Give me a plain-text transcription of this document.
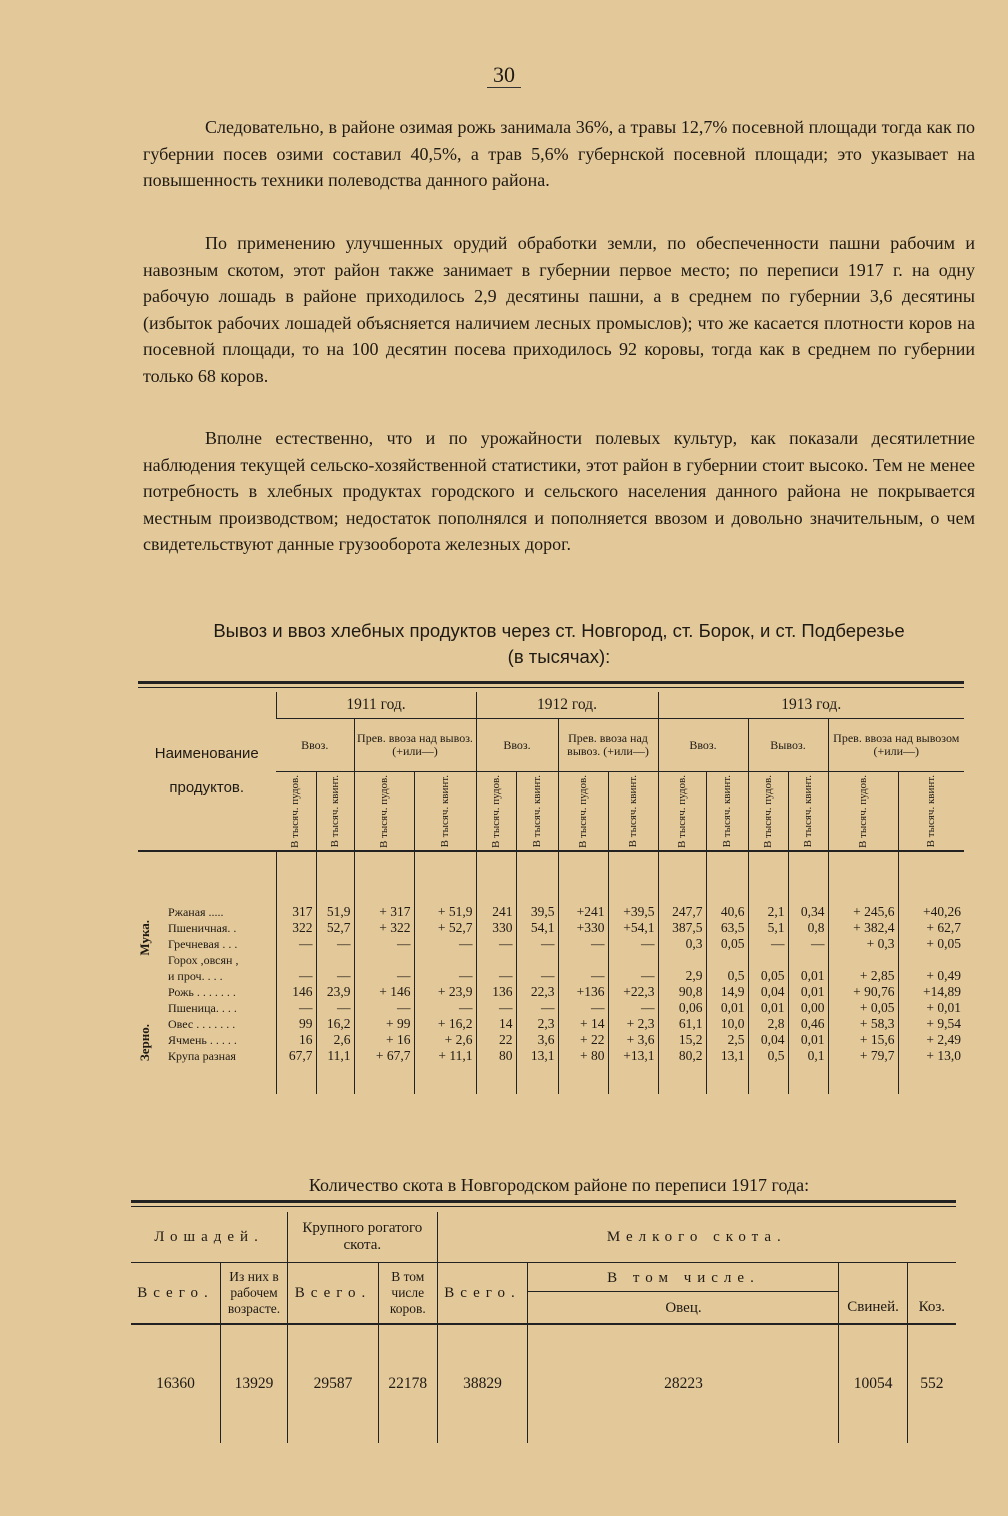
30

Следовательно, в районе озимая рожь занимала 36%, а травы 12,7% посевной площади тогда как по губернии посев озими составил 40,5%, а трав 5,6% губернской посевной площади; это указывает на повышенность техники полеводства данного района.

По применению улучшенных орудий обработки земли, по обеспеченности пашни рабочим и навозным скотом, этот район также занимает в губернии первое место; по переписи 1917 г. на одну рабочую лошадь в районе приходилось 2,9 десятины пашни, а в среднем по губернии 3,6 десятины (избыток рабочих лошадей объясняется наличием лесных промыслов); что же касается плотности коров на посевной площади, то на 100 десятин посева приходилось 92 коровы, тогда как в среднем по губернии только 68 коров.

Вполне естественно, что и по урожайности полевых культур, как показали десятилетние наблюдения текущей сельско-хозяйственной статистики, этот район в губернии стоит высоко. Тем не менее потребность в хлебных продуктах городского и сельского населения данного района не покрывается местным производством; недостаток пополнялся и пополняется ввозом и довольно значительным, о чем свидетельствуют данные грузооборота железных дорог.

Вывоз и ввоз хлебных продуктов через ст. Новгород, ст. Борок, и ст. Подберезье

(в тысячах):

Наименование продуктов.	1911 год.				1912 год.				1913 год.					
	Ввоз.		Прев. ввоза над вывоз. (+или—)		Ввоз.		Прев. ввоза над вывоз. (+или—)		Ввоз.		Вывоз.		Прев. ввоза над вывозом (+или—)	

	В тысяч. пудов.	В тысяч. квинт.	В тысяч. пудов.	В тысяч. квинт.	В тысяч. пудов.	В тысяч. квинт.	В тысяч. пудов.	В тысяч. квинт.	В тысяч. пудов.	В тысяч. квинт.	В тысяч. пудов.	В тысяч. квинт.	В тысяч. пудов.	В тысяч. квинт.

Ржаная .....	317	51,9	+ 317	+ 51,9	241	39,5	+241	+39,5	247,7	40,6	2,1	0,34	+ 245,6	+40,26
Пшеничная. .	322	52,7	+ 322	+ 52,7	330	54,1	+330	+54,1	387,5	63,5	5,1	0,8	+ 382,4	+ 62,7
Гречневая . . .	—	—	—	—	—	—	—	—	0,3	0,05	—	—	+ 0,3	+ 0,05
Горох ,овсян ,														
и проч. . . .	—	—	—	—	—	—	—	—	2,9	0,5	0,05	0,01	+ 2,85	+ 0,49
Рожь . . . . . . .	146	23,9	+ 146	+ 23,9	136	22,3	+136	+22,3	90,8	14,9	0,04	0,01	+ 90,76	+14,89
Пшеница. . . .	—	—	—	—	—	—	—	—	0,06	0,01	0,01	0,00	+ 0,05	+ 0,01
Овес . . . . . . .	99	16,2	+ 99	+ 16,2	14	2,3	+ 14	+ 2,3	61,1	10,0	2,8	0,46	+ 58,3	+ 9,54
Ячмень . . . . .	16	2,6	+ 16	+ 2,6	22	3,6	+ 22	+ 3,6	15,2	2,5	0,04	0,01	+ 15,6	+ 2,49
Крупа разная	67,7	11,1	+ 67,7	+ 11,1	80	13,1	+ 80	+13,1	80,2	13,1	0,5	0,1	+ 79,7	+ 13,0

Мука.
Зерно.

Количество скота в Новгородском районе по переписи 1917 года:

Лошадей.		Крупного рогатого скота.		Мелкого скота.			
Всего.	Из них в рабочем возрасте.	Всего.	В том числе коров.	Всего.	В том числе.
Овец.	Свиней.	Коз.

16360	13929	29587	22178	38829	28223	10054	552
